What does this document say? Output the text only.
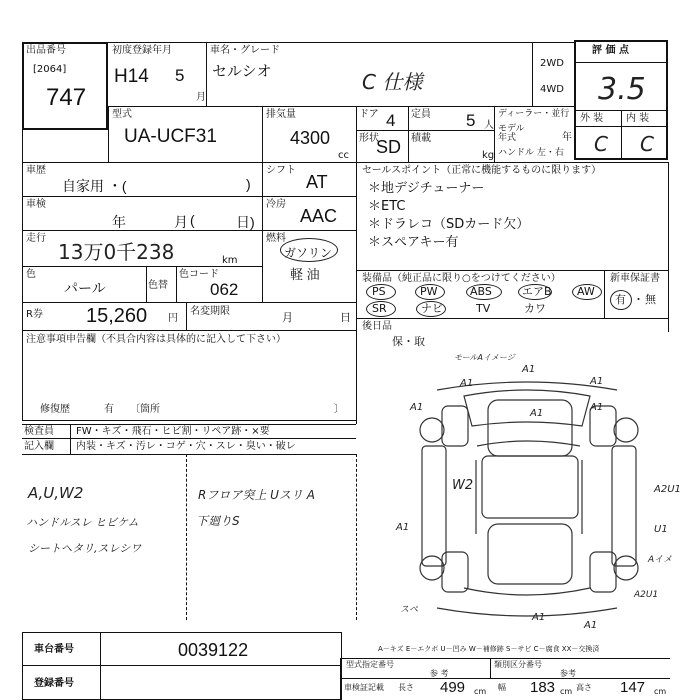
出品番号
[2064]
747
初度登録年月
H14 5
月
車名・グレード
セルシオ	C 仕様
2WD
4WD
評 価 点
3.5
外 装 内 装
C C
型式
UA-UCF31
排気量
4300
cc
ドア 4 定員 5 人
ディーラー・並行
モデル
年式	年
ハンドル 左・右
形状
SD 積載
kg
車歴
自家用 ・(	)
シフト
AT
セールスポイント（正常に機能するものに限ります）
＊地デジチューナー
＊ETC
＊ドラレコ（SDカード欠）
＊スペアキー有
車検
年	月 (	日)
冷房
AAC
走行
13万0千238	km
燃料
ガソリン
軽 油
色
パール	色替
色コード
062
装備品（純正品に限り○をつけてください）
PS	PW	ABS	エアB AW
SR	ナビ	TV	カワ
新車保証書
有 ・ 無
R券 15,260 円
名変期限	月	日
後日品
保・取
注意事項申告欄（不具合内容は具体的に記入して下さい）
修復歴	有 〔箇所	〕
検査員
記入欄
FW・キズ・飛石・ヒビ割・リペア跡・×要
内装・キズ・汚レ・コゲ・穴・スレ・臭い・破レ
A,U,W2
ハンドルスレ ヒビケム
シートヘタリ,スレシワ
Rフロア突上 Uスリ A
下廻りS
モールAイメージ
A1
A1	A1
A1
A1
W2
A1
A2U1
U1
A1
Aイメ
A2U1
スペ
A1
A1
A－キズ E－エクボ U－凹み W－補修跡 S－サビ C－腐食 XX－交換済
車台番号	0039122
登録番号
型式指定番号
参 考
類別区分番号
参考
車検証記載 長さ 499 cm 幅 183 cm 高さ 147 cm
